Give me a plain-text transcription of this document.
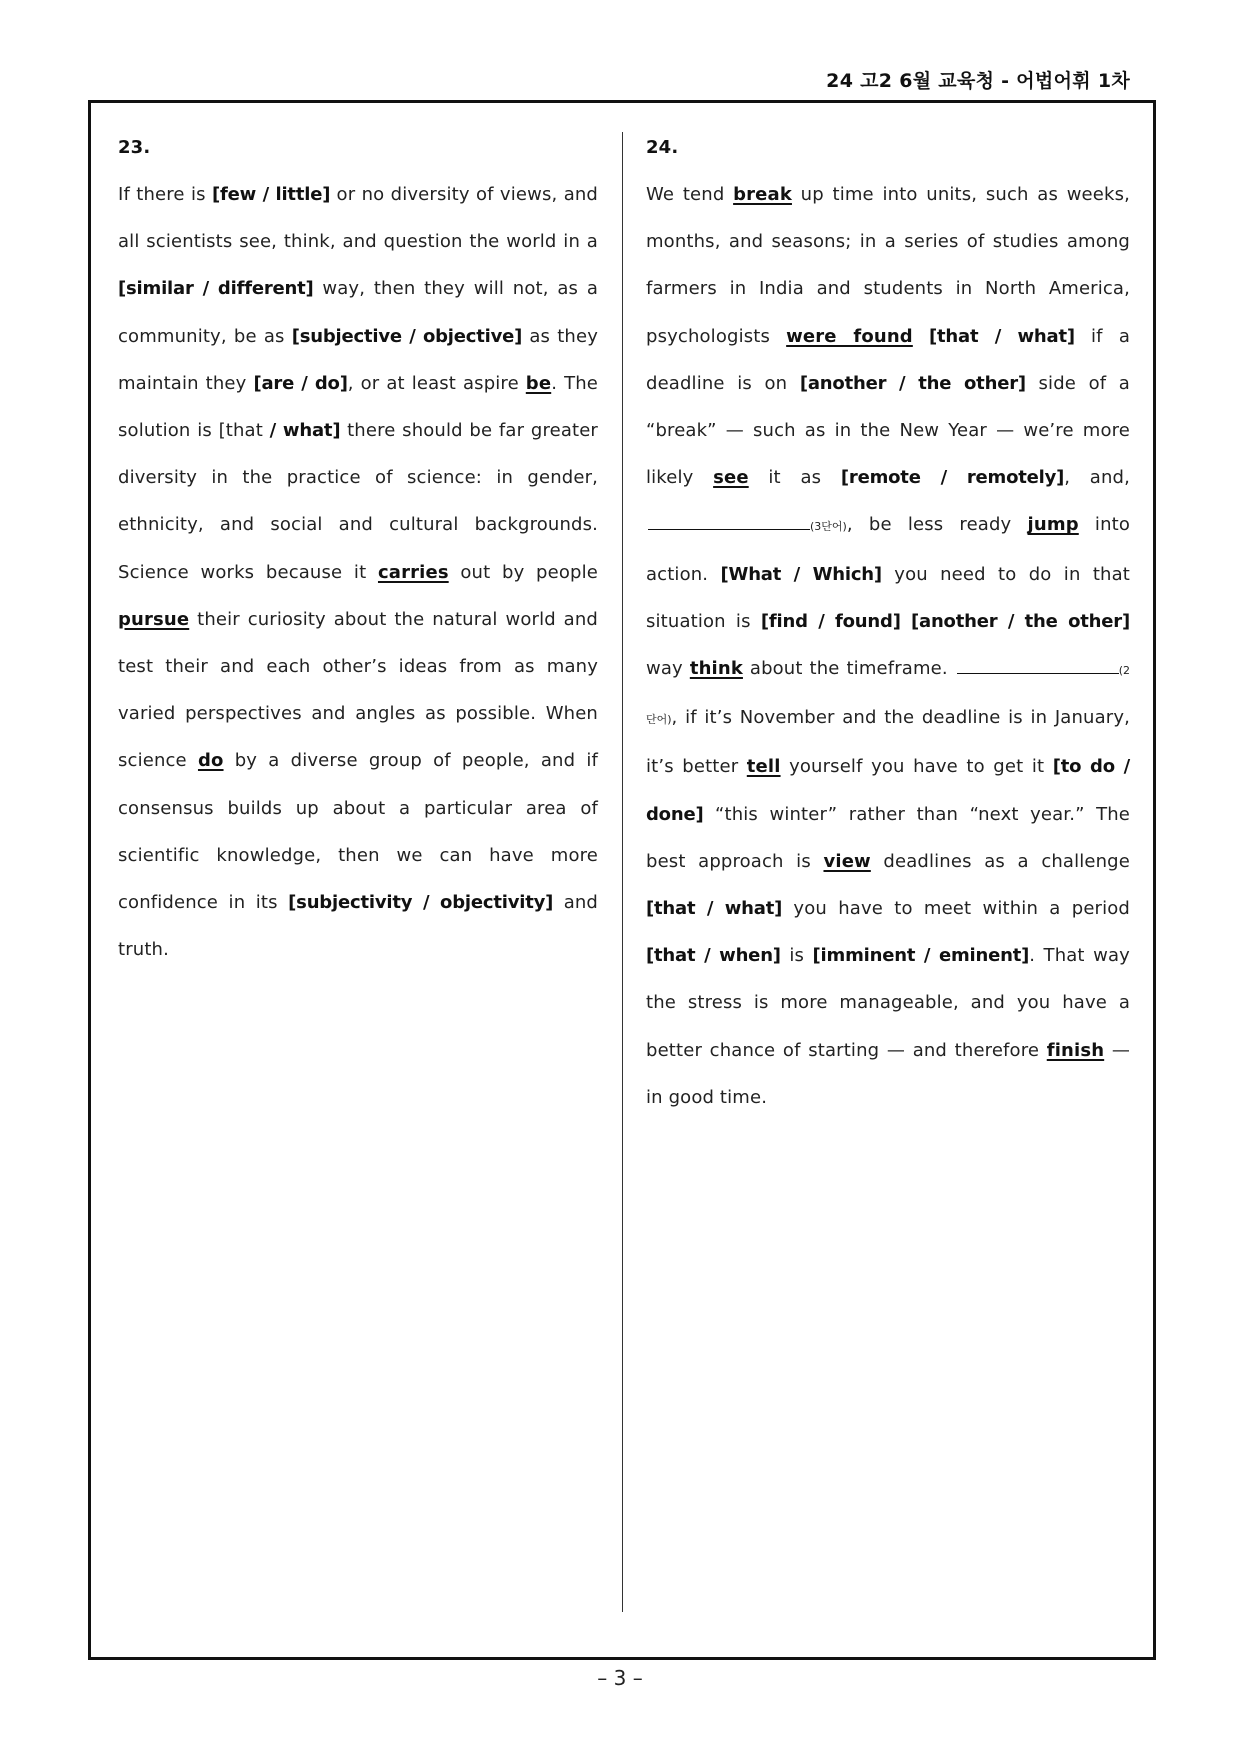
24 고2 6월 교육청 - 어법어휘 1차
23.
If there is [few / little] or no diversity of views, and all scientists see, think, and question the world in a [similar / different] way, then they will not, as a community, be as [subjective / objective] as they maintain they [are / do], or at least aspire be. The solution is [that / what] there should be far greater diversity in the practice of science: in gender, ethnicity, and social and cultural backgrounds. Science works because it carries out by people pursue their curiosity about the natural world and test their and each other’s ideas from as many varied perspectives and angles as possible. When science do by a diverse group of people, and if consensus builds up about a particular area of scientific knowledge, then we can have more confidence in its [subjectivity / objectivity] and truth.
24.
We tend break up time into units, such as weeks, months, and seasons; in a series of studies among farmers in India and students in North America, psychologists were found [that / what] if a deadline is on [another / the other] side of a “break” — such as in the New Year — we’re more likely see it as [remote / remotely], and, (3단어), be less ready jump into action. [What / Which] you need to do in that situation is [find / found] [another / the other] way think about the timeframe.	(2단어), if it’s November and the deadline is in January, it’s better tell yourself you have to get it [to do / done] “this winter” rather than “next year.” The best approach is view deadlines as a challenge [that / what] you have to meet within a period [that / when] is [imminent / eminent]. That way the stress is more manageable, and you have a better chance of starting — and therefore finish — in good time.
– 3 –
